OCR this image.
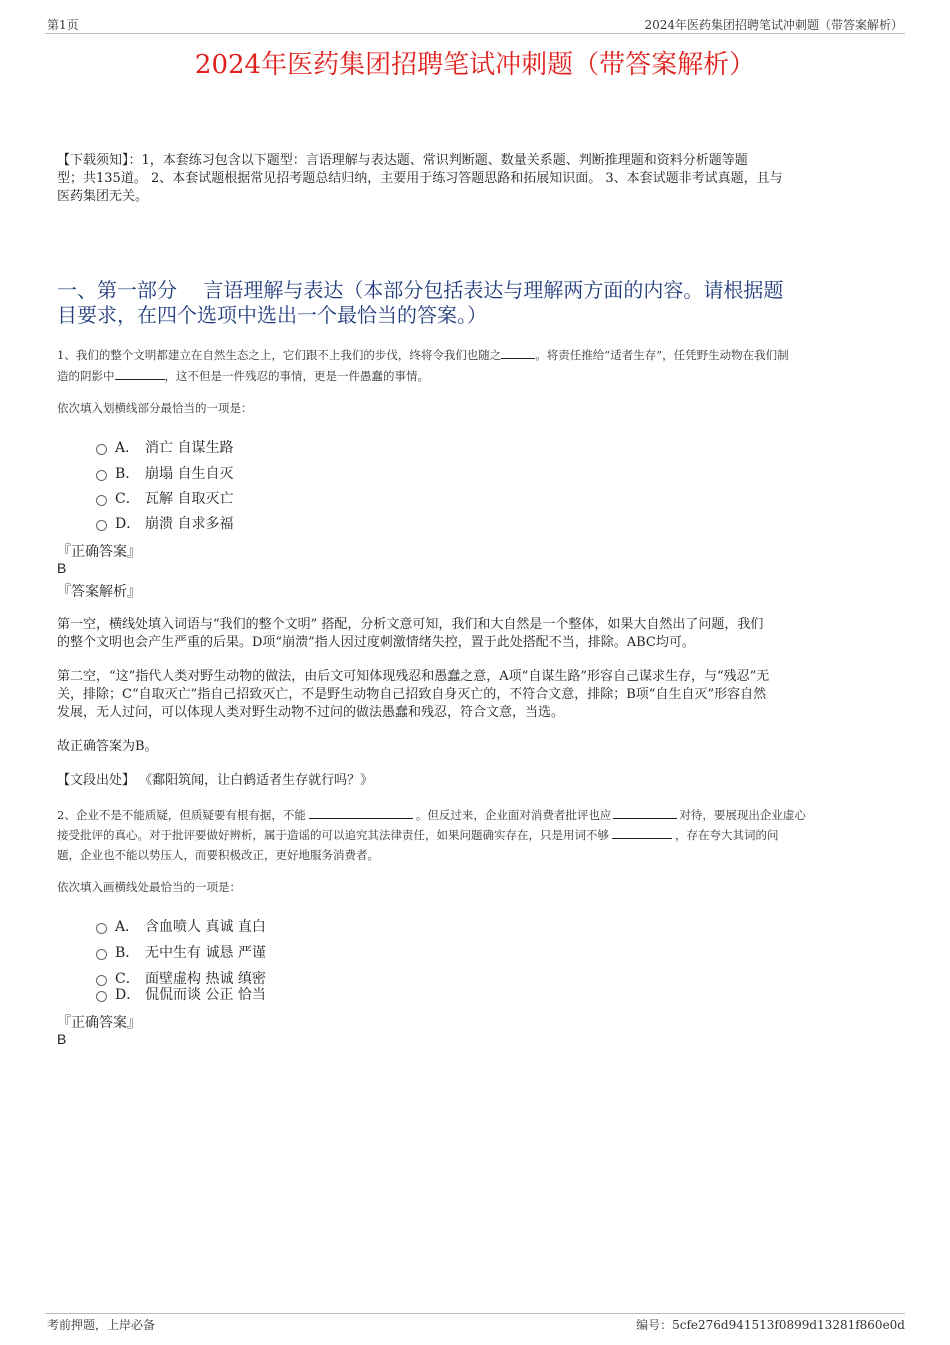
第1页	2024年医药集团招聘笔试冲刺题（带答案解析）
2024年医药集团招聘笔试冲刺题（带答案解析）
【下载须知】：1，本套练习包含以下题型：言语理解与表达题、常识判断题、数量关系题、判断推理题和资料分析题等题
型；共135道。 2、本套试题根据常见招考题总结归纳，主要用于练习答题思路和拓展知识面。 3、本套试题非考试真题，且与
医药集团无关。
一、第一部分　 言语理解与表达（本部分包括表达与理解两方面的内容。请根据题
目要求，在四个选项中选出一个最恰当的答案。）
1、我们的整个文明都建立在自然生态之上，它们跟不上我们的步伐，终将令我们也随之	。将责任推给“适者生存”，任凭野生动物在我们制
造的阴影中	，这不但是一件残忍的事情，更是一件愚蠢的事情。
依次填入划横线部分最恰当的一项是：
A． 消亡 自谋生路
B． 崩塌 自生自灭
C． 瓦解 自取灭亡
D． 崩溃 自求多福
『正确答案』
B
『答案解析』
第一空，横线处填入词语与“我们的整个文明” 搭配，分析文意可知，我们和大自然是一个整体，如果大自然出了问题，我们
的整个文明也会产生严重的后果。D项“崩溃”指人因过度刺激情绪失控，置于此处搭配不当，排除。ABC均可。
第二空，“这”指代人类对野生动物的做法，由后文可知体现残忍和愚蠢之意，A项“自谋生路”形容自己谋求生存，与“残忍”无
关，排除；C“自取灭亡”指自己招致灭亡，不是野生动物自己招致自身灭亡的，不符合文意，排除；B项“自生自灭”形容自然
发展，无人过问，可以体现人类对野生动物不过问的做法愚蠢和残忍，符合文意，当选。
故正确答案为B。
【文段出处】 《鄱阳筑闻，让白鹤适者生存就行吗？》
2、企业不是不能质疑，但质疑要有根有据，不能	。但反过来，企业面对消费者批评也应	对待，要展现出企业虚心
接受批评的真心。对于批评要做好辨析，属于造谣的可以追究其法律责任，如果问题确实存在，只是用词不够	，存在夸大其词的问
题，企业也不能以势压人，而要积极改正，更好地服务消费者。
依次填入画横线处最恰当的一项是：
A． 含血喷人 真诚 直白
B． 无中生有 诚恳 严谨
C． 面壁虚构 热诚 缜密
D． 侃侃而谈 公正 恰当
『正确答案』
B
考前押题，上岸必备	编号：5cfe276d941513f0899d13281f860e0d
